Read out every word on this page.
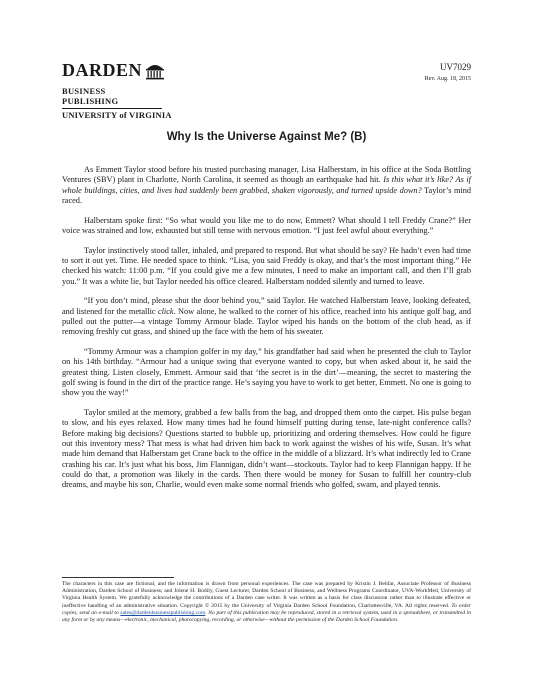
DARDEN
BUSINESS PUBLISHING
UNIVERSITY of VIRGINIA
UV7029
Rev. Aug. 18, 2015
Why Is the Universe Against Me? (B)

As Emmett Taylor stood before his trusted purchasing manager, Lisa Halberstam, in his office at the Soda Bottling Ventures (SBV) plant in Charlotte, North Carolina, it seemed as though an earthquake had hit. Is this what it’s like? As if whole buildings, cities, and lives had suddenly been grabbed, shaken vigorously, and turned upside down? Taylor’s mind raced.

Halberstam spoke first: “So what would you like me to do now, Emmett? What should I tell Freddy Crane?” Her voice was strained and low, exhausted but still tense with nervous emotion. “I just feel awful about everything.”

Taylor instinctively stood taller, inhaled, and prepared to respond. But what should he say? He hadn’t even had time to sort it out yet. Time. He needed space to think. “Lisa, you said Freddy is okay, and that’s the most important thing.” He checked his watch: 11:00 p.m. “If you could give me a few minutes, I need to make an important call, and then I’ll grab you.” It was a white lie, but Taylor needed his office cleared. Halberstam nodded silently and turned to leave.

“If you don’t mind, please shut the door behind you,” said Taylor. He watched Halberstam leave, looking defeated, and listened for the metallic click. Now alone, he walked to the corner of his office, reached into his antique golf bag, and pulled out the putter—a vintage Tommy Armour blade. Taylor wiped his hands on the bottom of the club head, as if removing freshly cut grass, and shined up the face with the hem of his sweater.

“Tommy Armour was a champion golfer in my day,” his grandfather had said when he presented the club to Taylor on his 14th birthday. “Armour had a unique swing that everyone wanted to copy, but when asked about it, he said the greatest thing. Listen closely, Emmett. Armour said that ‘the secret is in the dirt’—meaning, the secret to mastering the golf swing is found in the dirt of the practice range. He’s saying you have to work to get better, Emmett. No one is going to show you the way!”

Taylor smiled at the memory, grabbed a few balls from the bag, and dropped them onto the carpet. His pulse began to slow, and his eyes relaxed. How many times had he found himself putting during tense, late-night conference calls? Before making big decisions? Questions started to bubble up, prioritizing and ordering themselves. How could he figure out this inventory mess? That mess is what had driven him back to work against the wishes of his wife, Susan. It’s what made him demand that Halberstam get Crane back to the office in the middle of a blizzard. It’s what indirectly led to Crane crashing his car. It’s just what his boss, Jim Flannigan, didn’t want—stockouts. Taylor had to keep Flannigan happy. If he could do that, a promotion was likely in the cards. Then there would be money for Susan to fulfill her country-club dreams, and maybe his son, Charlie, would even make some normal friends who golfed, swam, and played tennis.

The characters in this case are fictional, and the information is drawn from personal experiences. The case was prepared by Kristin J. Behfar, Associate Professor of Business Administration, Darden School of Business; and Jolene H. Bodily, Guest Lecturer, Darden School of Business, and Wellness Programs Coordinator, UVA-WorkMed, University of Virginia Health System. We gratefully acknowledge the contributions of a Darden case writer. It was written as a basis for class discussion rather than to illustrate effective or ineffective handling of an administrative situation. Copyright © 2015 by the University of Virginia Darden School Foundation, Charlottesville, VA. All rights reserved. To order copies, send an e-mail to sales@dardenbusinesspublishing.com. No part of this publication may be reproduced, stored in a retrieval system, used in a spreadsheet, or transmitted in any form or by any means—electronic, mechanical, photocopying, recording, or otherwise—without the permission of the Darden School Foundation.
